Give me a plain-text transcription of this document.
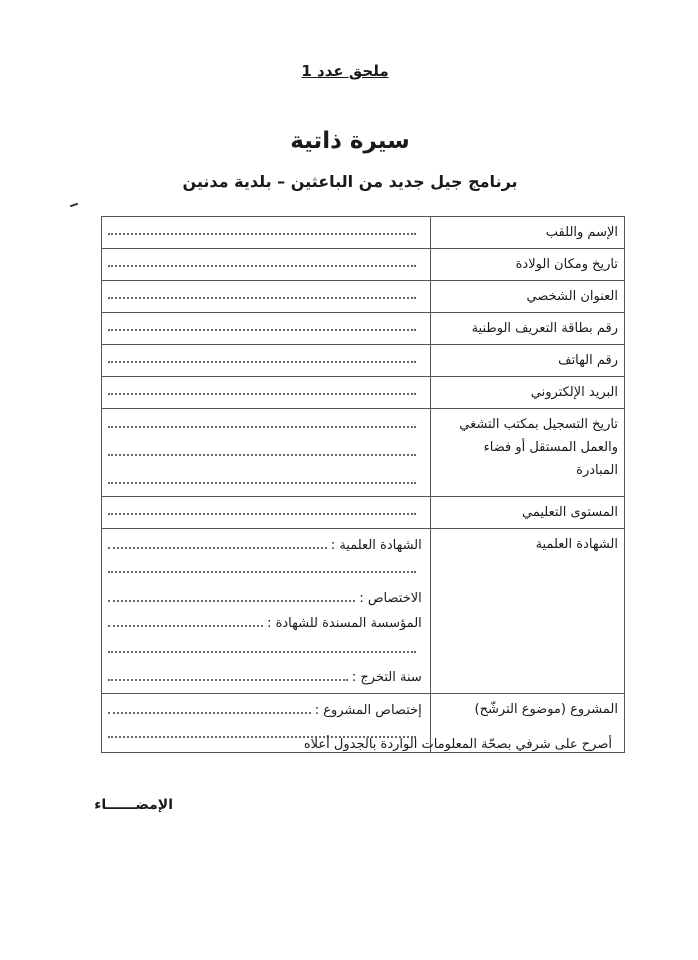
ملحق عدد 1
سيرة ذاتية
برنامج جيل جديد من الباعثين – بلدية مدنين
الإسم واللقب	

تاريخ ومكان الولادة	

العنوان الشخصي	

رقم بطاقة التعريف الوطنية	

رقم الهاتف	

البريد الإلكتروني	

تاريخ التسجيل بمكتب التشغي
والعمل المستقل أو فضاء
المبادرة	

المستوى التعليمي	

الشهادة العلمية	الشهادة العلمية :
الاختصاص :
المؤسسة المسندة للشهادة :
سنة التخرج :

المشروع (موضوع الترشّح)	إختصاص المشروع :
أصرح على شرفي بصحّة المعلومات الواردة بالجدول أعلاه
الإمضــــــاء
